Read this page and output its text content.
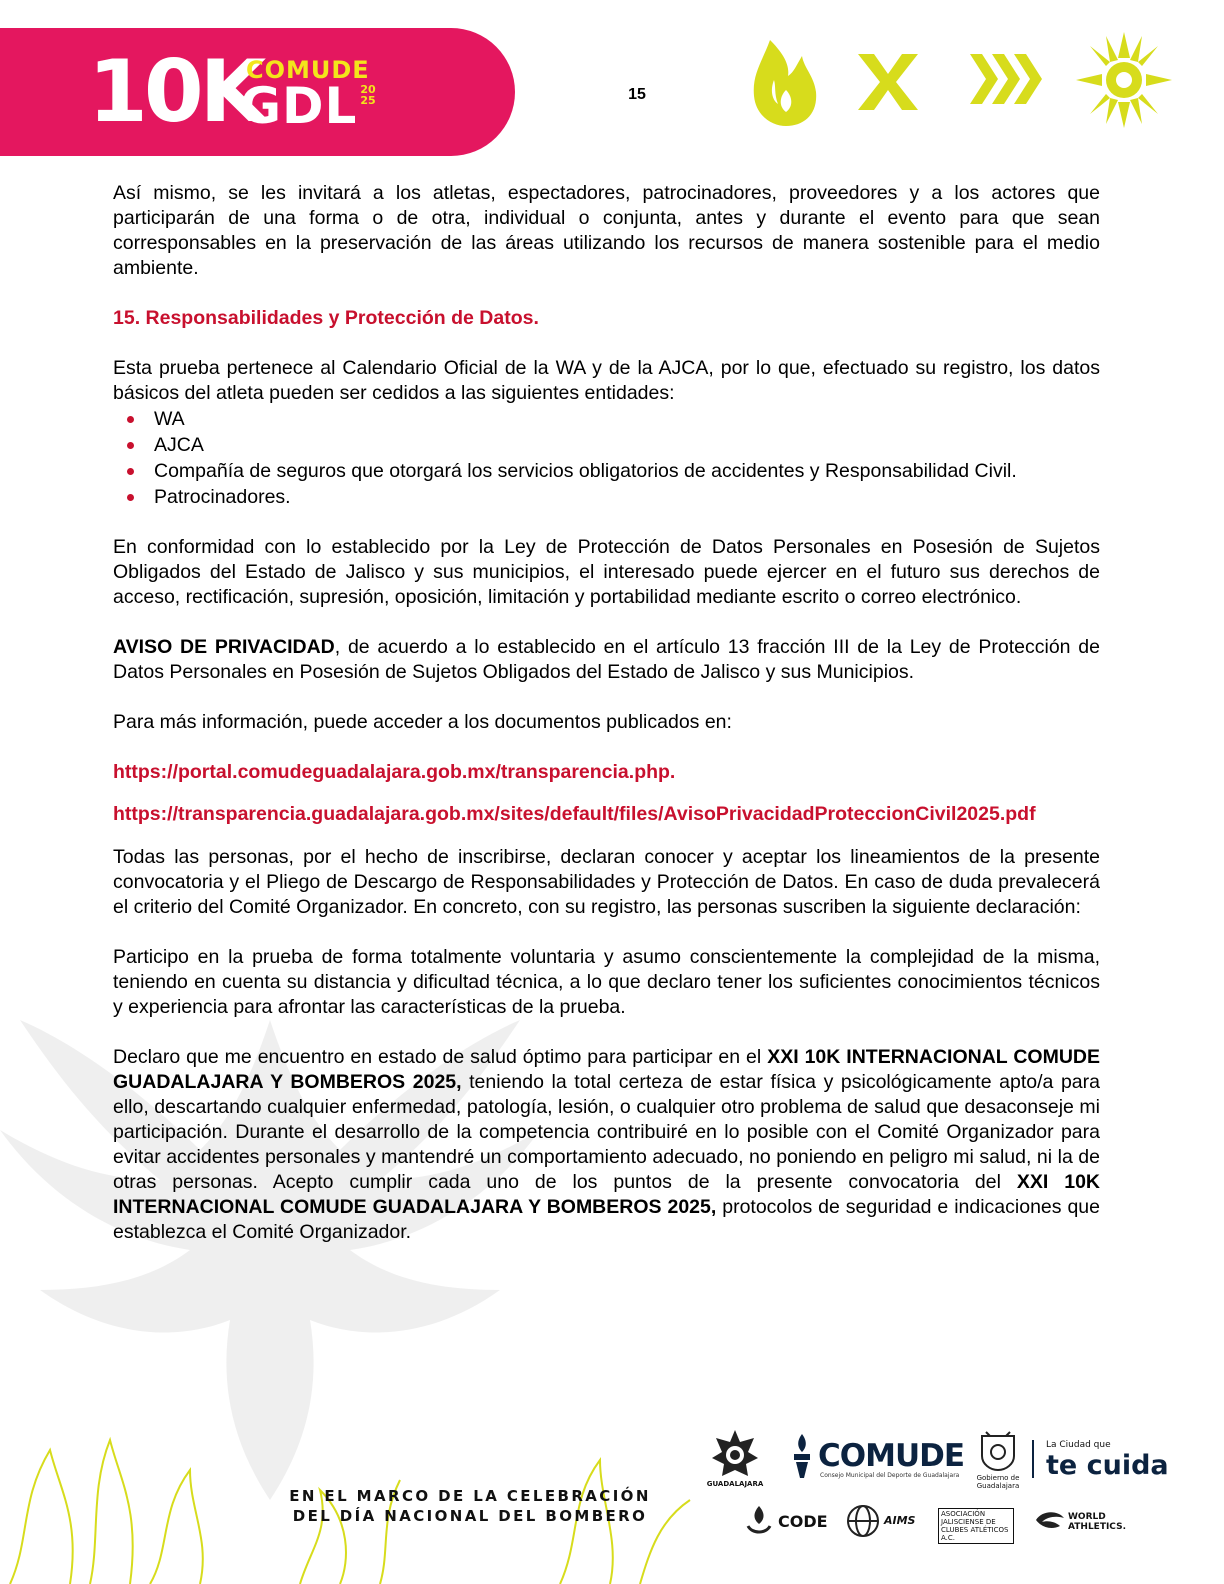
10K
COMUDE
GDL 2025	15

Así mismo, se les invitará a los atletas, espectadores, patrocinadores, proveedores y a los actores que participarán de una forma o de otra, individual o conjunta, antes y durante el evento para que sean corresponsables en la preservación de las áreas utilizando los recursos de manera sostenible para el medio ambiente.

15. Responsabilidades y Protección de Datos.

Esta prueba pertenece al Calendario Oficial de la WA y de la AJCA, por lo que, efectuado su registro, los datos básicos del atleta pueden ser cedidos a las siguientes entidades:

WA
AJCA
Compañía de seguros que otorgará los servicios obligatorios de accidentes y Responsabilidad Civil.
Patrocinadores.

En conformidad con lo establecido por la Ley de Protección de Datos Personales en Posesión de Sujetos Obligados del Estado de Jalisco y sus municipios, el interesado puede ejercer en el futuro sus derechos de acceso, rectificación, supresión, oposición, limitación y portabilidad mediante escrito o correo electrónico.

AVISO DE PRIVACIDAD, de acuerdo a lo establecido en el artículo 13 fracción III de la Ley de Protección de Datos Personales en Posesión de Sujetos Obligados del Estado de Jalisco y sus Municipios.

Para más información, puede acceder a los documentos publicados en:

https://portal.comudeguadalajara.gob.mx/transparencia.php.

https://transparencia.guadalajara.gob.mx/sites/default/files/AvisoPrivacidadProteccionCivil2025.pdf

Todas las personas, por el hecho de inscribirse, declaran conocer y aceptar los lineamientos de la presente convocatoria y el Pliego de Descargo de Responsabilidades y Protección de Datos. En caso de duda prevalecerá el criterio del Comité Organizador. En concreto, con su registro, las personas suscriben la siguiente declaración:

Participo en la prueba de forma totalmente voluntaria y asumo conscientemente la complejidad de la misma, teniendo en cuenta su distancia y dificultad técnica, a lo que declaro tener los suficientes conocimientos técnicos y experiencia para afrontar las características de la prueba.

Declaro que me encuentro en estado de salud óptimo para participar en el XXI 10K INTERNACIONAL COMUDE GUADALAJARA Y BOMBEROS 2025, teniendo la total certeza de estar física y psicológicamente apto/a para ello, descartando cualquier enfermedad, patología, lesión, o cualquier otro problema de salud que desaconseje mi participación. Durante el desarrollo de la competencia contribuiré en lo posible con el Comité Organizador para evitar accidentes personales y mantendré un comportamiento adecuado, no poniendo en peligro mi salud, ni la de otras personas. Acepto cumplir cada uno de los puntos de la presente convocatoria del XXI 10K INTERNACIONAL COMUDE GUADALAJARA Y BOMBEROS 2025, protocolos de seguridad e indicaciones que establezca el Comité Organizador.

EN EL MARCO DE LA CELEBRACIÓN
DEL DÍA NACIONAL DEL BOMBERO
GUADALAJARA
COMUDE
Consejo Municipal del Deporte de Guadalajara	Gobierno de Guadalajara
La Ciudad que
te cuida
CODE	AIMS	ASOCIACIÓN JALISCIENSE DE CLUBES ATLÉTICOS A.C.
WORLD
ATHLETICS.
